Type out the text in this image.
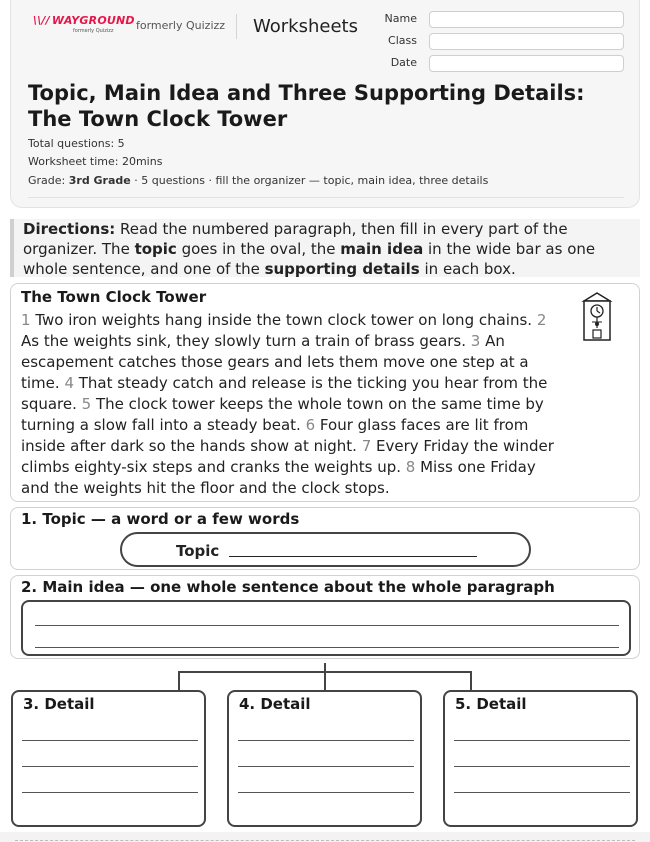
\\// WAYGROUND
formerly Quizizz	formerly Quizizz Worksheets Name
Class
Date
Topic, Main Idea and Three Supporting Details: The Town Clock Tower
Total questions: 5
Worksheet time: 20mins
Grade: 3rd Grade · 5 questions · fill the organizer — topic, main idea, three details
Directions: Read the numbered paragraph, then fill in every part of the organizer. The topic goes in the oval, the main idea in the wide bar as one whole sentence, and one of the supporting details in each box.
The Town Clock Tower
1 Two iron weights hang inside the town clock tower on long chains. 2 As the weights sink, they slowly turn a train of brass gears. 3 An escapement catches those gears and lets them move one step at a time. 4 That steady catch and release is the ticking you hear from the square. 5 The clock tower keeps the whole town on the same time by turning a slow fall into a steady beat. 6 Four glass faces are lit from inside after dark so the hands show at night. 7 Every Friday the winder climbs eighty-six steps and cranks the weights up. 8 Miss one Friday and the weights hit the floor and the clock stops.
1. Topic — a word or a few words
Topic
2. Main idea — one whole sentence about the whole paragraph
3. Detail	4. Detail	5. Detail
